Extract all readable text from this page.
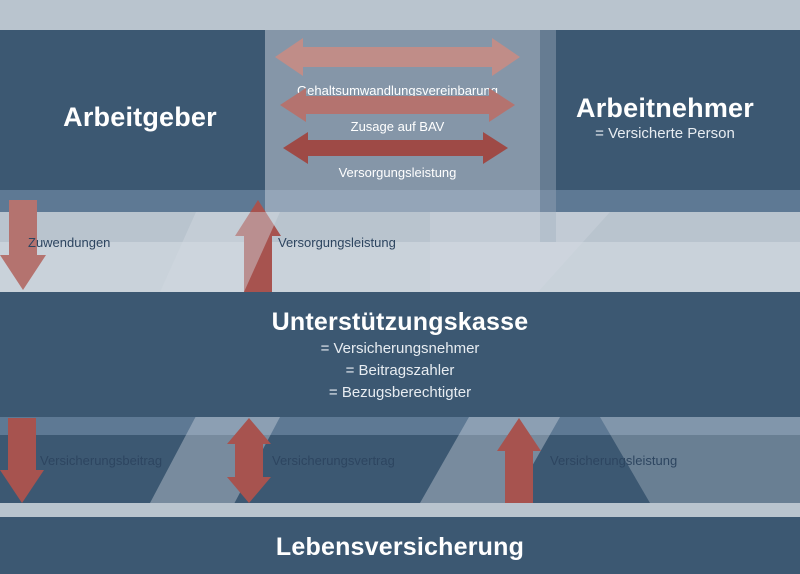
Arbeitgeber	Arbeitnehmer
= Versicherte Person
Gehaltsumwandlungsvereinbarung
Zusage auf BAV
Versorgungsleistung
Zuwendungen	Versorgungsleistung
Unterstützungskasse
= Versicherungsnehmer
= Beitragszahler
= Bezugsberechtigter
Versicherungsbeitrag	Versicherungsvertrag	Versicherungsleistung
Lebensversicherung
